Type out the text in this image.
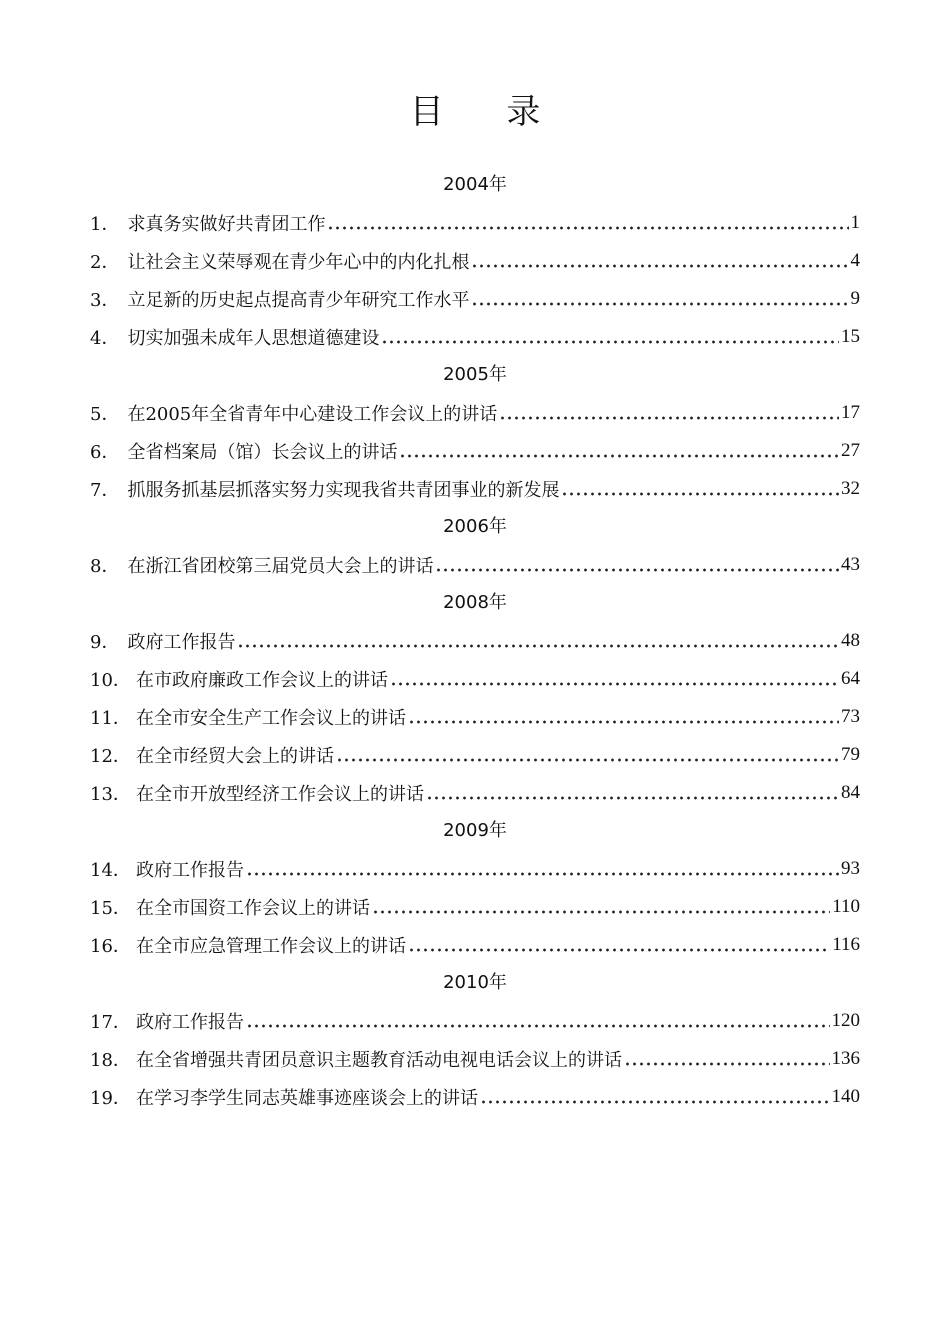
目 录
2004年
1． 求真务实做好共青团工作	1
2． 让社会主义荣辱观在青少年心中的内化扎根	4
3． 立足新的历史起点提高青少年研究工作水平	9
4． 切实加强未成年人思想道德建设	15
2005年
5． 在2005年全省青年中心建设工作会议上的讲话	17
6． 全省档案局（馆）长会议上的讲话	27
7． 抓服务抓基层抓落实努力实现我省共青团事业的新发展	32
2006年
8． 在浙江省团校第三届党员大会上的讲话	43
2008年
9． 政府工作报告	48
10． 在市政府廉政工作会议上的讲话	64
11． 在全市安全生产工作会议上的讲话	73
12． 在全市经贸大会上的讲话	79
13． 在全市开放型经济工作会议上的讲话	84
2009年
14． 政府工作报告	93
15． 在全市国资工作会议上的讲话	110
16． 在全市应急管理工作会议上的讲话	116
2010年
17． 政府工作报告	120
18． 在全省增强共青团员意识主题教育活动电视电话会议上的讲话	136
19． 在学习李学生同志英雄事迹座谈会上的讲话	140
